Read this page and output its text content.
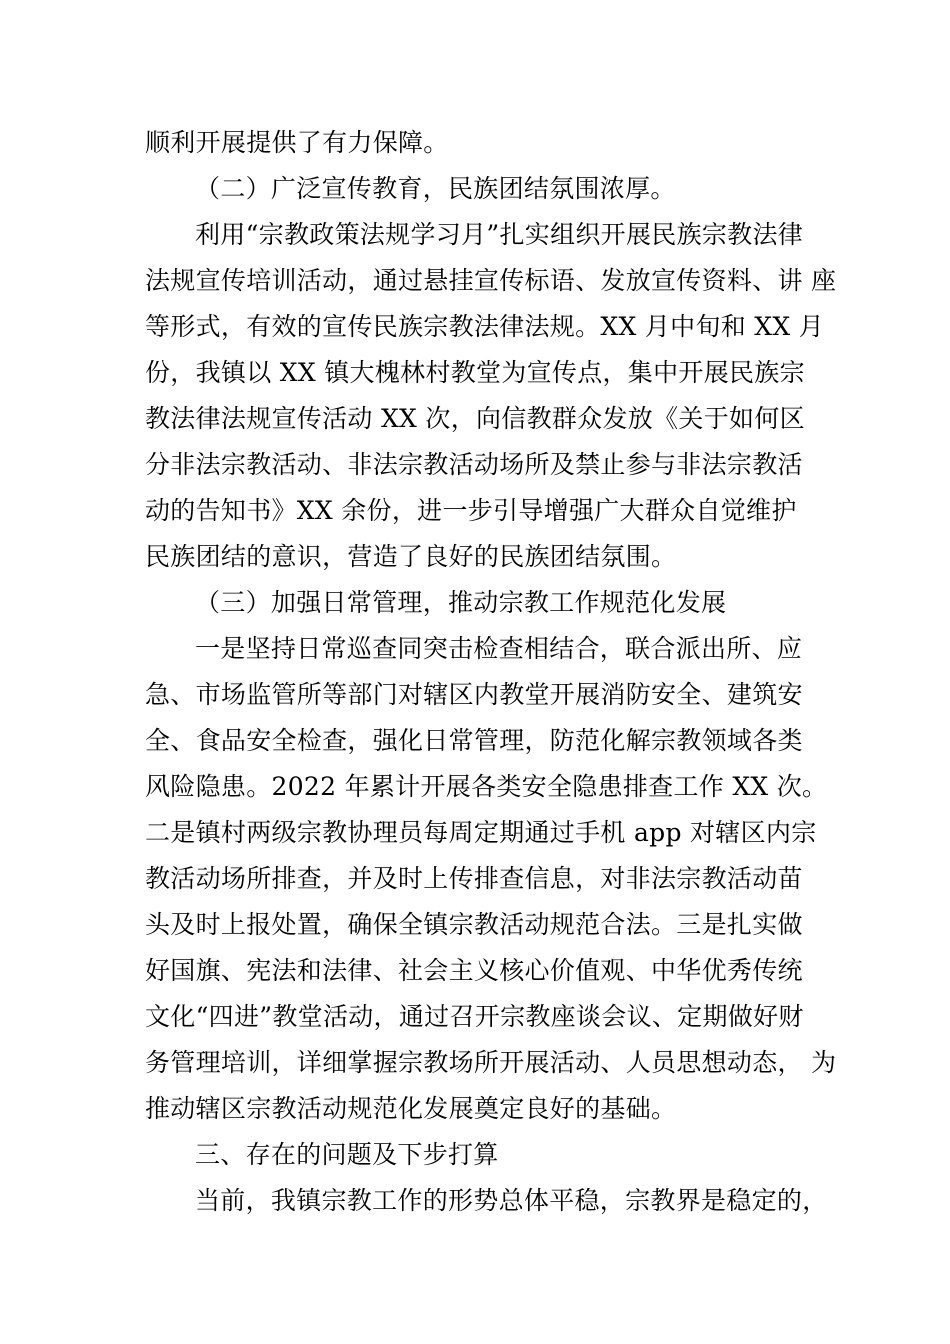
顺利开展提供了有力保障。
（二）广泛宣传教育，民族团结氛围浓厚。
利用“宗教政策法规学习月”扎实组织开展民族宗教法律
法规宣传培训活动，通过悬挂宣传标语、发放宣传资料、讲 座
等形式，有效的宣传民族宗教法律法规。XX 月中旬和 XX 月
份，我镇以 XX 镇大槐林村教堂为宣传点，集中开展民族宗
教法律法规宣传活动 XX 次，向信教群众发放《关于如何区
分非法宗教活动、非法宗教活动场所及禁止参与非法宗教活
动的告知书》XX 余份，进一步引导增强广大群众自觉维护
民族团结的意识，营造了良好的民族团结氛围。
（三）加强日常管理，推动宗教工作规范化发展
一是坚持日常巡查同突击检查相结合，联合派出所、应
急、市场监管所等部门对辖区内教堂开展消防安全、建筑安
全、食品安全检查，强化日常管理，防范化解宗教领域各类
风险隐患。2022 年累计开展各类安全隐患排查工作 XX 次。
二是镇村两级宗教协理员每周定期通过手机 app 对辖区内宗
教活动场所排查，并及时上传排查信息，对非法宗教活动苗
头及时上报处置，确保全镇宗教活动规范合法。三是扎实做
好国旗、宪法和法律、社会主义核心价值观、中华优秀传统
文化“四进”教堂活动，通过召开宗教座谈会议、定期做好财
务管理培训，详细掌握宗教场所开展活动、人员思想动态， 为
推动辖区宗教活动规范化发展奠定良好的基础。
三、存在的问题及下步打算
当前，我镇宗教工作的形势总体平稳，宗教界是稳定的，
